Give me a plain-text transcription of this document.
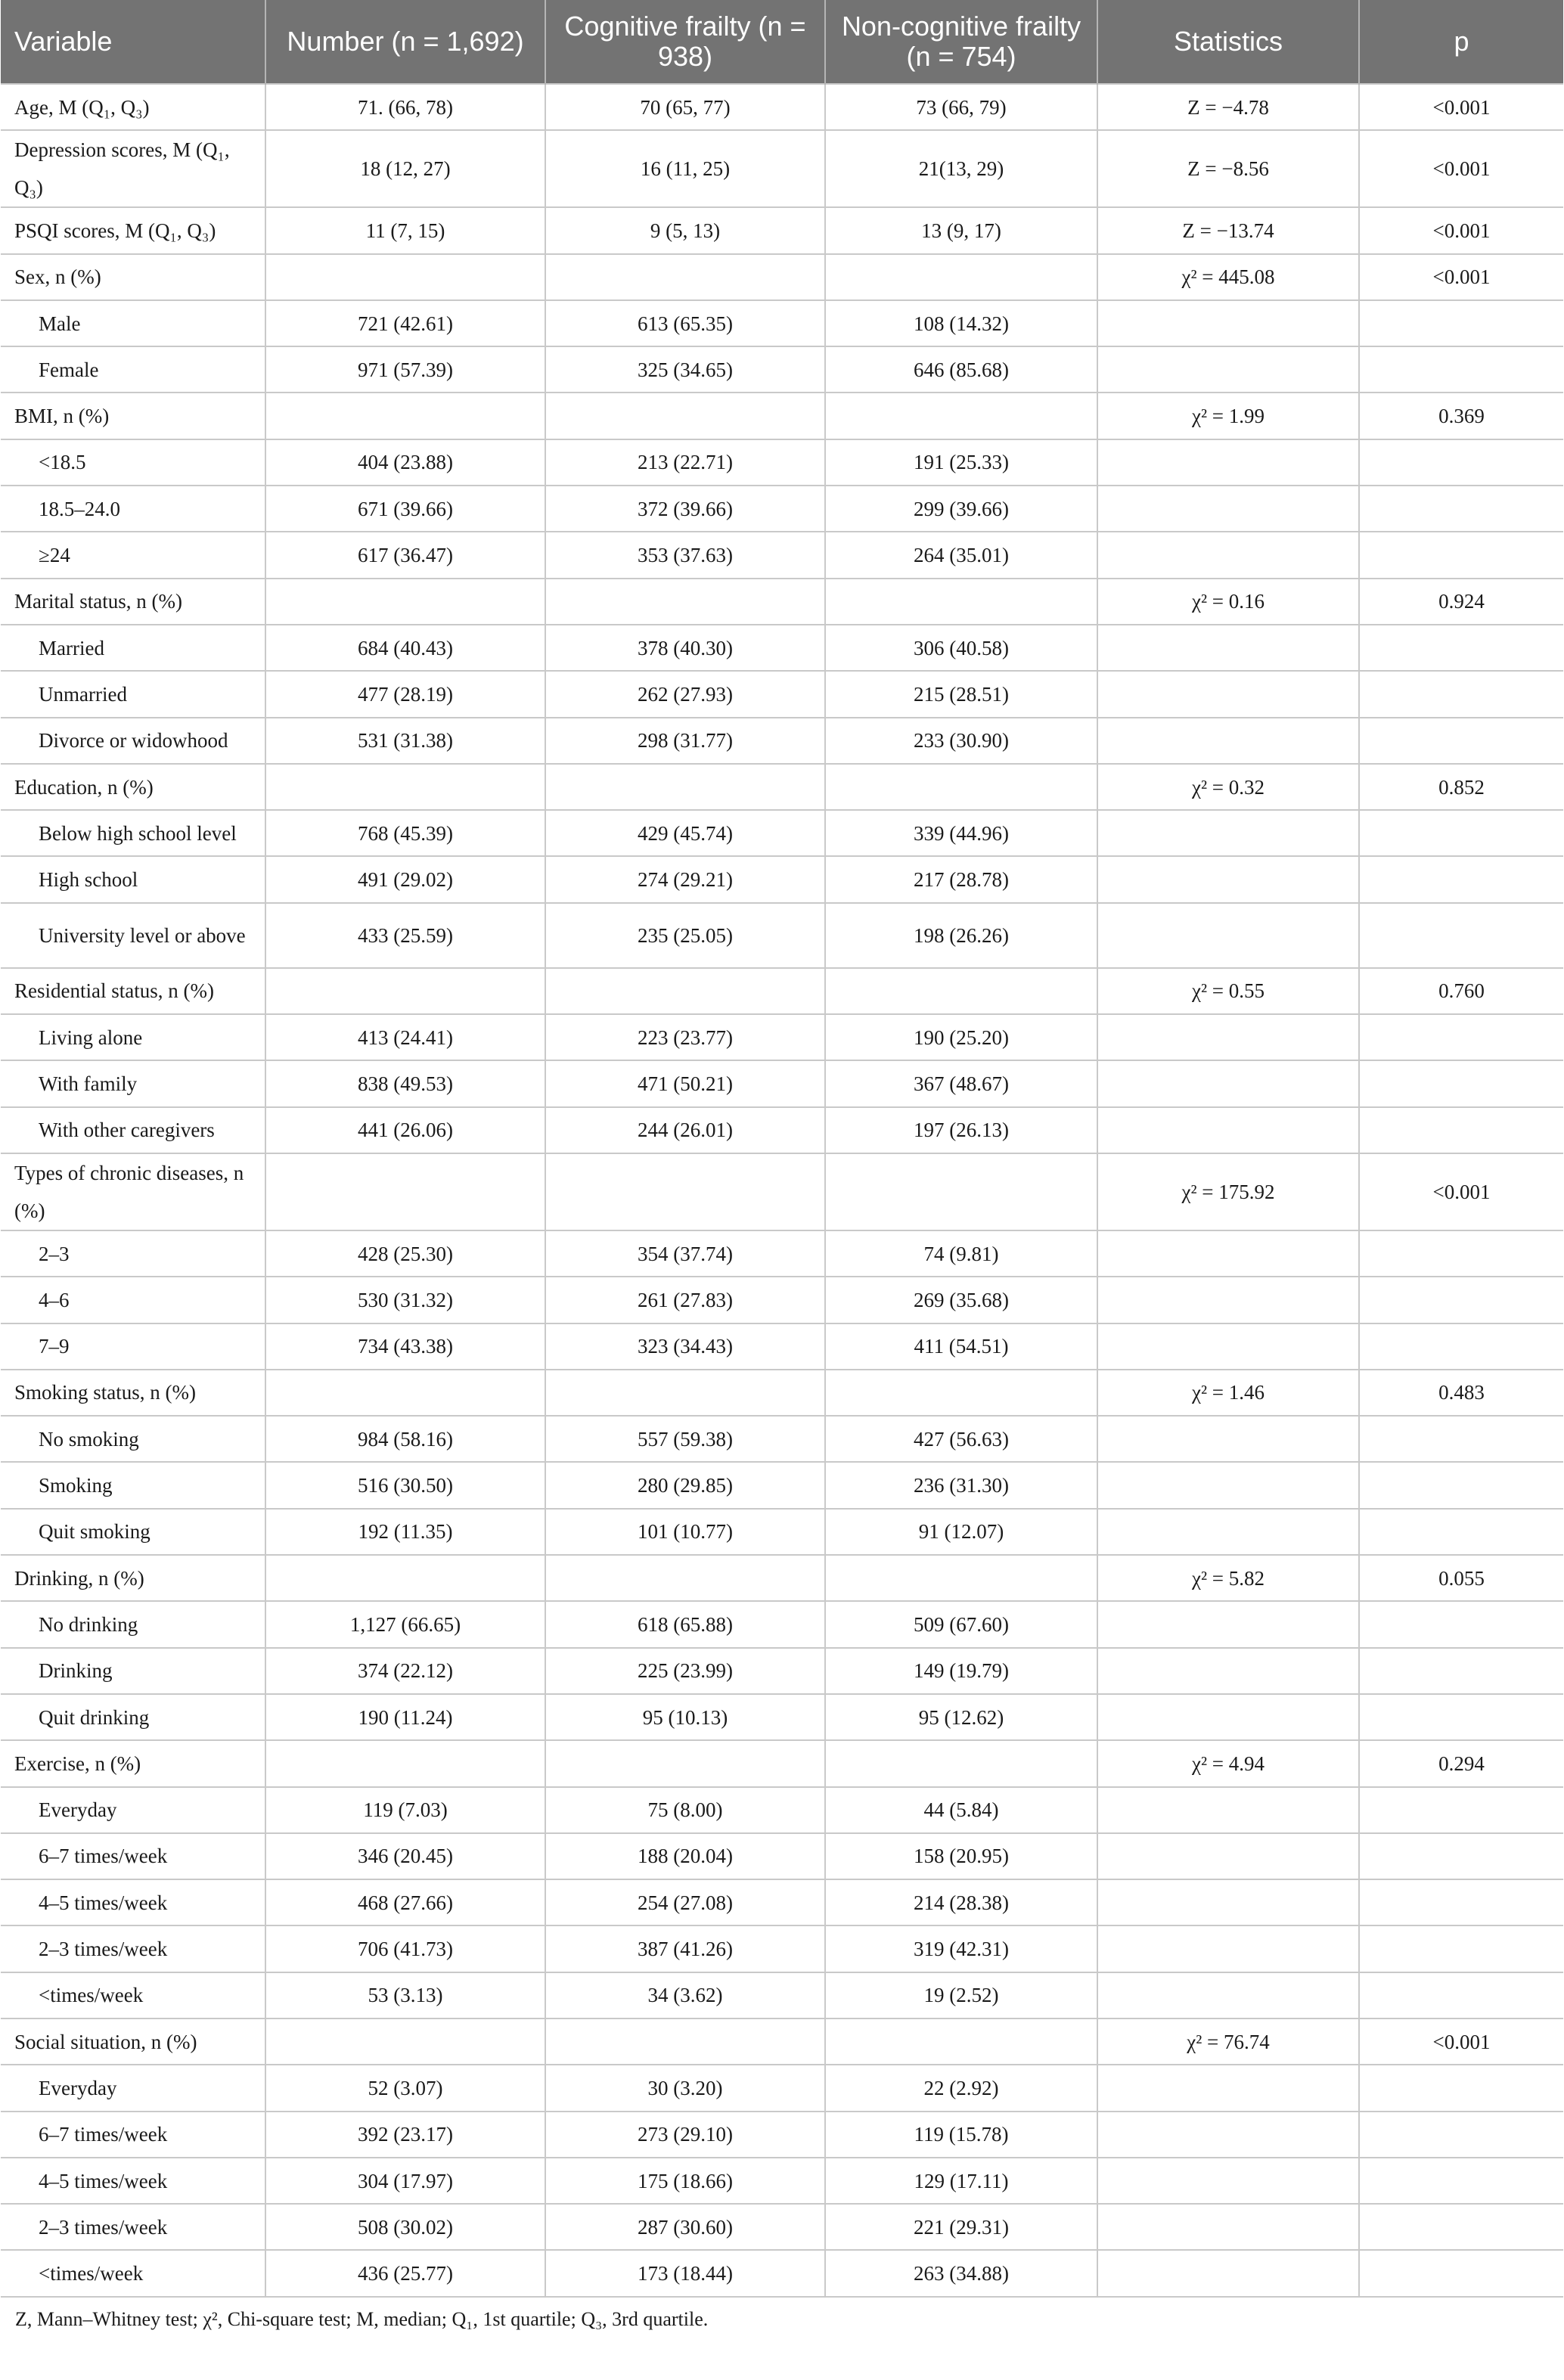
Variable	Number (n = 1,692)	Cognitive frailty (n = 938)	Non-cognitive frailty (n = 754)	Statistics	p
Age, M (Q₁, Q₃)	71. (66, 78)	70 (65, 77)	73 (66, 79)	Z = −4.78	<0.001
Depression scores, M (Q₁, Q₃)	18 (12, 27)	16 (11, 25)	21(13, 29)	Z = −8.56	<0.001
PSQI scores, M (Q₁, Q₃)	11 (7, 15)	9 (5, 13)	13 (9, 17)	Z = −13.74	<0.001
Sex, n (%)				χ² = 445.08	<0.001
Male	721 (42.61)	613 (65.35)	108 (14.32)		
Female	971 (57.39)	325 (34.65)	646 (85.68)		
BMI, n (%)				χ² = 1.99	0.369
<18.5	404 (23.88)	213 (22.71)	191 (25.33)		
18.5–24.0	671 (39.66)	372 (39.66)	299 (39.66)		
≥24	617 (36.47)	353 (37.63)	264 (35.01)		
Marital status, n (%)				χ² = 0.16	0.924
Married	684 (40.43)	378 (40.30)	306 (40.58)		
Unmarried	477 (28.19)	262 (27.93)	215 (28.51)		
Divorce or widowhood	531 (31.38)	298 (31.77)	233 (30.90)		
Education, n (%)				χ² = 0.32	0.852
Below high school level	768 (45.39)	429 (45.74)	339 (44.96)		
High school	491 (29.02)	274 (29.21)	217 (28.78)		
University level or above	433 (25.59)	235 (25.05)	198 (26.26)		
Residential status, n (%)				χ² = 0.55	0.760
Living alone	413 (24.41)	223 (23.77)	190 (25.20)		
With family	838 (49.53)	471 (50.21)	367 (48.67)		
With other caregivers	441 (26.06)	244 (26.01)	197 (26.13)		
Types of chronic diseases, n (%)				χ² = 175.92	<0.001
2–3	428 (25.30)	354 (37.74)	74 (9.81)		
4–6	530 (31.32)	261 (27.83)	269 (35.68)		
7–9	734 (43.38)	323 (34.43)	411 (54.51)		
Smoking status, n (%)				χ² = 1.46	0.483
No smoking	984 (58.16)	557 (59.38)	427 (56.63)		
Smoking	516 (30.50)	280 (29.85)	236 (31.30)		
Quit smoking	192 (11.35)	101 (10.77)	91 (12.07)		
Drinking, n (%)				χ² = 5.82	0.055
No drinking	1,127 (66.65)	618 (65.88)	509 (67.60)		
Drinking	374 (22.12)	225 (23.99)	149 (19.79)		
Quit drinking	190 (11.24)	95 (10.13)	95 (12.62)		
Exercise, n (%)				χ² = 4.94	0.294
Everyday	119 (7.03)	75 (8.00)	44 (5.84)		
6–7 times/week	346 (20.45)	188 (20.04)	158 (20.95)		
4–5 times/week	468 (27.66)	254 (27.08)	214 (28.38)		
2–3 times/week	706 (41.73)	387 (41.26)	319 (42.31)		
<times/week	53 (3.13)	34 (3.62)	19 (2.52)		
Social situation, n (%)				χ² = 76.74	<0.001
Everyday	52 (3.07)	30 (3.20)	22 (2.92)		
6–7 times/week	392 (23.17)	273 (29.10)	119 (15.78)		
4–5 times/week	304 (17.97)	175 (18.66)	129 (17.11)		
2–3 times/week	508 (30.02)	287 (30.60)	221 (29.31)		
<times/week	436 (25.77)	173 (18.44)	263 (34.88)		
Z, Mann–Whitney test; χ², Chi-square test; M, median; Q₁, 1st quartile; Q₃, 3rd quartile.
